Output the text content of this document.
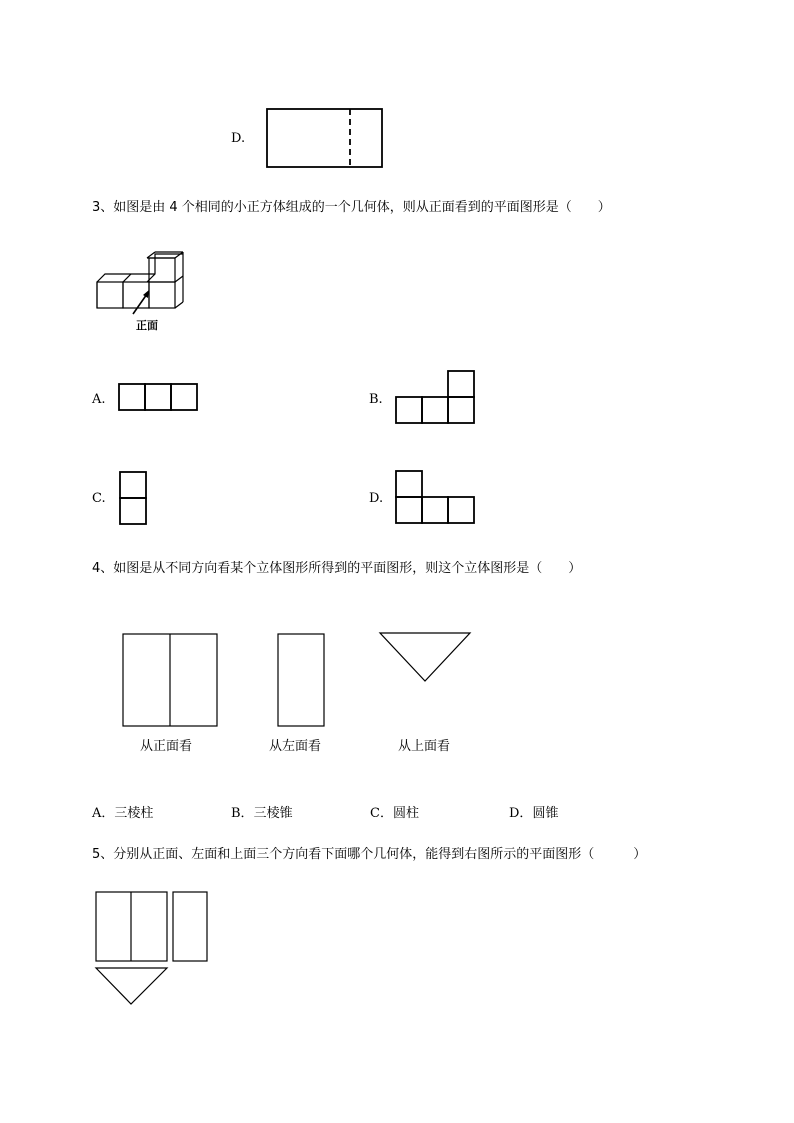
D.
3、如图是由 4 个相同的小正方体组成的一个几何体，则从正面看到的平面图形是（　　）
正面
A.	B.
C.	D.
4、如图是从不同方向看某个立体图形所得到的平面图形，则这个立体图形是（　　）
从正面看	从左面看	从上面看
A．三棱柱	B．三棱锥	C．圆柱	D．圆锥
5、分别从正面、左面和上面三个方向看下面哪个几何体，能得到右图所示的平面图形（　　　）
